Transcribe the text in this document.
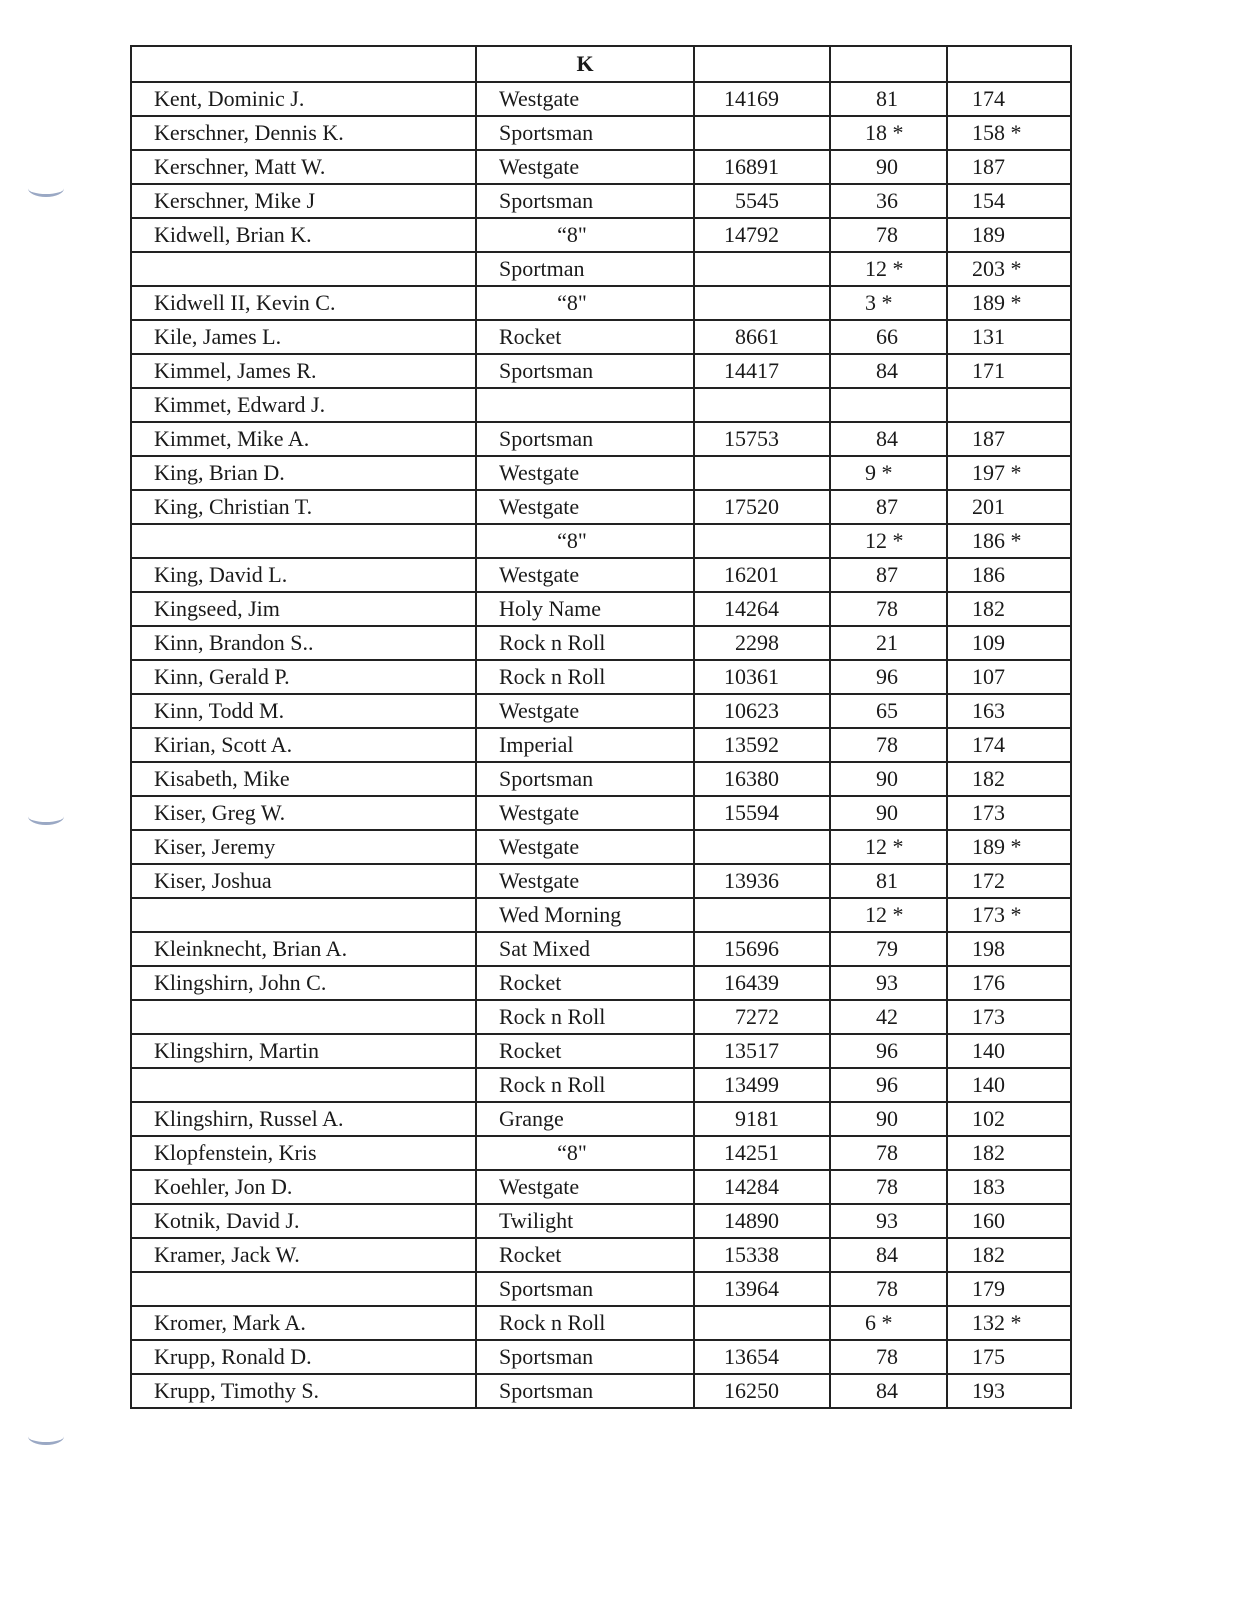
	K			
Kent, Dominic J.	Westgate	14169	81	174
Kerschner, Dennis K.	Sportsman		18 *	158 *
Kerschner, Matt W.	Westgate	16891	90	187
Kerschner, Mike J	Sportsman	5545	36	154
Kidwell, Brian K.	“8"	14792	78	189
	Sportman		12 *	203 *
Kidwell II, Kevin C.	“8"		3 *	189 *
Kile, James L.	Rocket	8661	66	131
Kimmel, James R.	Sportsman	14417	84	171
Kimmet, Edward J.				
Kimmet, Mike A.	Sportsman	15753	84	187
King, Brian D.	Westgate		9 *	197 *
King, Christian T.	Westgate	17520	87	201
	“8"		12 *	186 *
King, David L.	Westgate	16201	87	186
Kingseed, Jim	Holy Name	14264	78	182
Kinn, Brandon S..	Rock n Roll	2298	21	109
Kinn, Gerald P.	Rock n Roll	10361	96	107
Kinn, Todd M.	Westgate	10623	65	163
Kirian, Scott A.	Imperial	13592	78	174
Kisabeth, Mike	Sportsman	16380	90	182
Kiser, Greg W.	Westgate	15594	90	173
Kiser, Jeremy	Westgate		12 *	189 *
Kiser, Joshua	Westgate	13936	81	172
	Wed Morning		12 *	173 *
Kleinknecht, Brian A.	Sat Mixed	15696	79	198
Klingshirn, John C.	Rocket	16439	93	176
	Rock n Roll	7272	42	173
Klingshirn, Martin	Rocket	13517	96	140
	Rock n Roll	13499	96	140
Klingshirn, Russel A.	Grange	9181	90	102
Klopfenstein, Kris	“8"	14251	78	182
Koehler, Jon D.	Westgate	14284	78	183
Kotnik, David J.	Twilight	14890	93	160
Kramer, Jack W.	Rocket	15338	84	182
	Sportsman	13964	78	179
Kromer, Mark A.	Rock n Roll		6 *	132 *
Krupp, Ronald D.	Sportsman	13654	78	175
Krupp, Timothy S.	Sportsman	16250	84	193
